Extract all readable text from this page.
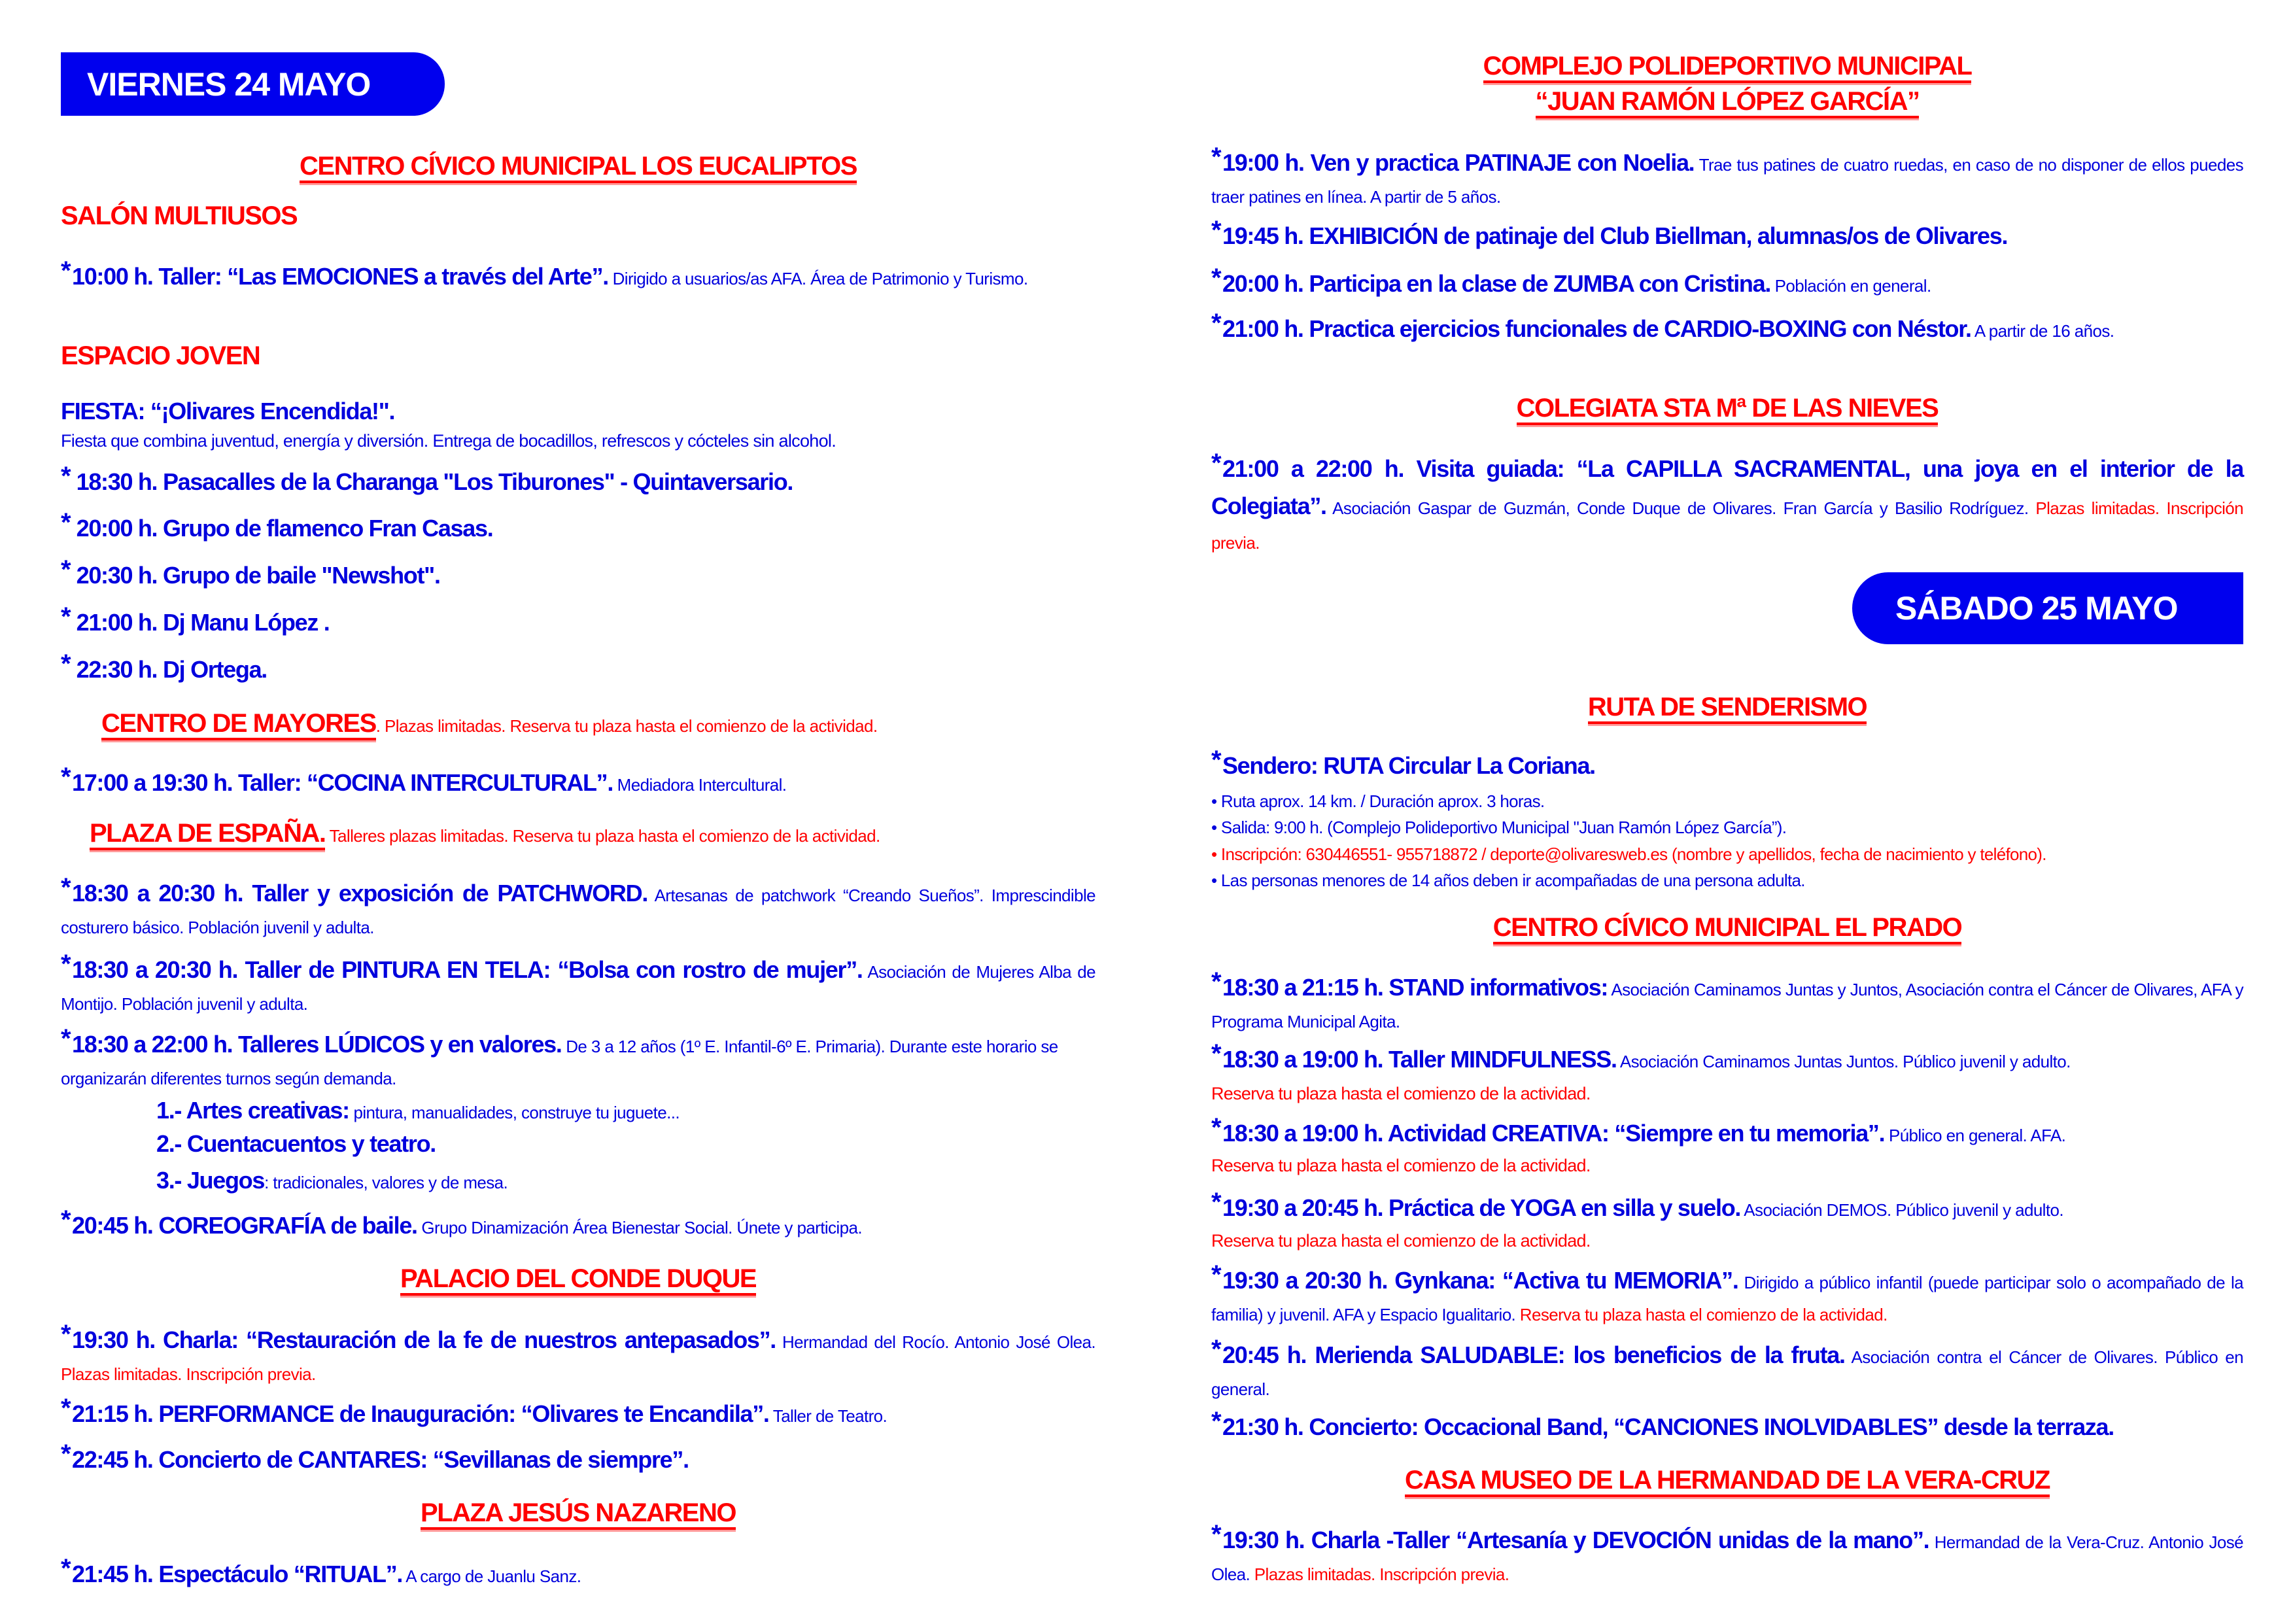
VIERNES 24 MAYO
CENTRO CÍVICO MUNICIPAL LOS EUCALIPTOS
SALÓN MULTIUSOS
*10:00 h. Taller: “Las EMOCIONES a través del Arte”. Dirigido a usuarios/as AFA. Área de Patrimonio y Turismo.
ESPACIO JOVEN
FIESTA: “¡Olivares Encendida!".
Fiesta que combina juventud, energía y diversión. Entrega de bocadillos, refrescos y cócteles sin alcohol.
* 18:30 h. Pasacalles de la Charanga "Los Tiburones" - Quintaversario.
* 20:00 h. Grupo de flamenco Fran Casas.
* 20:30 h. Grupo de baile "Newshot".
* 21:00 h. Dj Manu López .
* 22:30 h. Dj Ortega.
CENTRO DE MAYORES. Plazas limitadas. Reserva tu plaza hasta el comienzo de la actividad.
*17:00 a 19:30 h. Taller: “COCINA INTERCULTURAL”. Mediadora Intercultural.
PLAZA DE ESPAÑA. Talleres plazas limitadas. Reserva tu plaza hasta el comienzo de la actividad.
*18:30 a 20:30 h. Taller y exposición de PATCHWORD. Artesanas de patchwork “Creando Sueños”. Imprescindible costurero básico. Población juvenil y adulta.
*18:30 a 20:30 h. Taller de PINTURA EN TELA: “Bolsa con rostro de mujer”. Asociación de Mujeres Alba de Montijo. Población juvenil y adulta.
*18:30 a 22:00 h. Talleres LÚDICOS y en valores. De 3 a 12 años (1º E. Infantil-6º E. Primaria). Durante este horario se organizarán diferentes turnos según demanda.
1.- Artes creativas: pintura, manualidades, construye tu juguete...
2.- Cuentacuentos y teatro.
3.- Juegos: tradicionales, valores y de mesa.
*20:45 h. COREOGRAFÍA de baile. Grupo Dinamización Área Bienestar Social. Únete y participa.
PALACIO DEL CONDE DUQUE
*19:30 h. Charla: “Restauración de la fe de nuestros antepasados”. Hermandad del Rocío. Antonio José Olea. Plazas limitadas. Inscripción previa.
*21:15 h. PERFORMANCE de Inauguración: “Olivares te Encandila”. Taller de Teatro.
*22:45 h. Concierto de CANTARES: “Sevillanas de siempre”.
PLAZA JESÚS NAZARENO
*21:45 h. Espectáculo “RITUAL”. A cargo de Juanlu Sanz.
COMPLEJO POLIDEPORTIVO MUNICIPAL
“JUAN RAMÓN LÓPEZ GARCÍA”
*19:00 h. Ven y practica PATINAJE con Noelia. Trae tus patines de cuatro ruedas, en caso de no disponer de ellos puedes traer patines en línea. A partir de 5 años.
*19:45 h. EXHIBICIÓN de patinaje del Club Biellman, alumnas/os de Olivares.
*20:00 h. Participa en la clase de ZUMBA con Cristina. Población en general.
*21:00 h. Practica ejercicios funcionales de CARDIO-BOXING con Néstor. A partir de 16 años.
COLEGIATA STA Mª DE LAS NIEVES
*21:00 a 22:00 h. Visita guiada: “La CAPILLA SACRAMENTAL, una joya en el interior de la Colegiata”. Asociación Gaspar de Guzmán, Conde Duque de Olivares. Fran García y Basilio Rodríguez. Plazas limitadas. Inscripción previa.
SÁBADO 25 MAYO
RUTA DE SENDERISMO
*Sendero: RUTA Circular La Coriana.
• Ruta aprox. 14 km. / Duración aprox. 3 horas.
• Salida: 9:00 h. (Complejo Polideportivo Municipal "Juan Ramón López García”).
• Inscripción: 630446551- 955718872 / deporte@olivaresweb.es (nombre y apellidos, fecha de nacimiento y teléfono).
• Las personas menores de 14 años deben ir acompañadas de una persona adulta.
CENTRO CÍVICO MUNICIPAL EL PRADO
*18:30 a 21:15 h. STAND informativos: Asociación Caminamos Juntas y Juntos, Asociación contra el Cáncer de Olivares, AFA y Programa Municipal Agita.
*18:30 a 19:00 h. Taller MINDFULNESS. Asociación Caminamos Juntas Juntos. Público juvenil y adulto.
Reserva tu plaza hasta el comienzo de la actividad.
*18:30 a 19:00 h. Actividad CREATIVA: “Siempre en tu memoria”. Público en general. AFA.
Reserva tu plaza hasta el comienzo de la actividad.
*19:30 a 20:45 h. Práctica de YOGA en silla y suelo. Asociación DEMOS. Público juvenil y adulto.
Reserva tu plaza hasta el comienzo de la actividad.
*19:30 a 20:30 h. Gynkana: “Activa tu MEMORIA”. Dirigido a público infantil (puede participar solo o acompañado de la familia) y juvenil. AFA y Espacio Igualitario. Reserva tu plaza hasta el comienzo de la actividad.
*20:45 h. Merienda SALUDABLE: los beneficios de la fruta. Asociación contra el Cáncer de Olivares. Público en general.
*21:30 h. Concierto: Occacional Band, “CANCIONES INOLVIDABLES” desde la terraza.
CASA MUSEO DE LA HERMANDAD DE LA VERA-CRUZ
*19:30 h. Charla -Taller “Artesanía y DEVOCIÓN unidas de la mano”. Hermandad de la Vera-Cruz. Antonio José Olea. Plazas limitadas. Inscripción previa.
